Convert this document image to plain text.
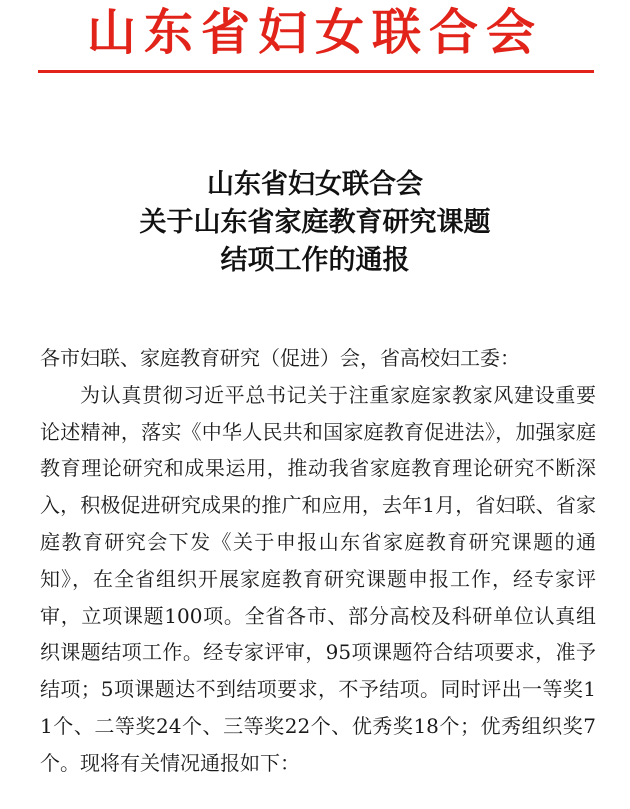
山东省妇女联合会
山东省妇女联合会
关于山东省家庭教育研究课题
结项工作的通报
各市妇联、家庭教育研究（促进）会，省高校妇工委：
为认真贯彻习近平总书记关于注重家庭家教家风建设重要论述精神，落实《中华人民共和国家庭教育促进法》，加强家庭教育理论研究和成果运用，推动我省家庭教育理论研究不断深入，积极促进研究成果的推广和应用，去年1月，省妇联、省家庭教育研究会下发《关于申报山东省家庭教育研究课题的通知》，在全省组织开展家庭教育研究课题申报工作，经专家评审，立项课题100项。全省各市、部分高校及科研单位认真组织课题结项工作。经专家评审，95项课题符合结项要求，准予结项；5项课题达不到结项要求，不予结项。同时评出一等奖11个、二等奖24个、三等奖22个、优秀奖18个；优秀组织奖7个。现将有关情况通报如下：
